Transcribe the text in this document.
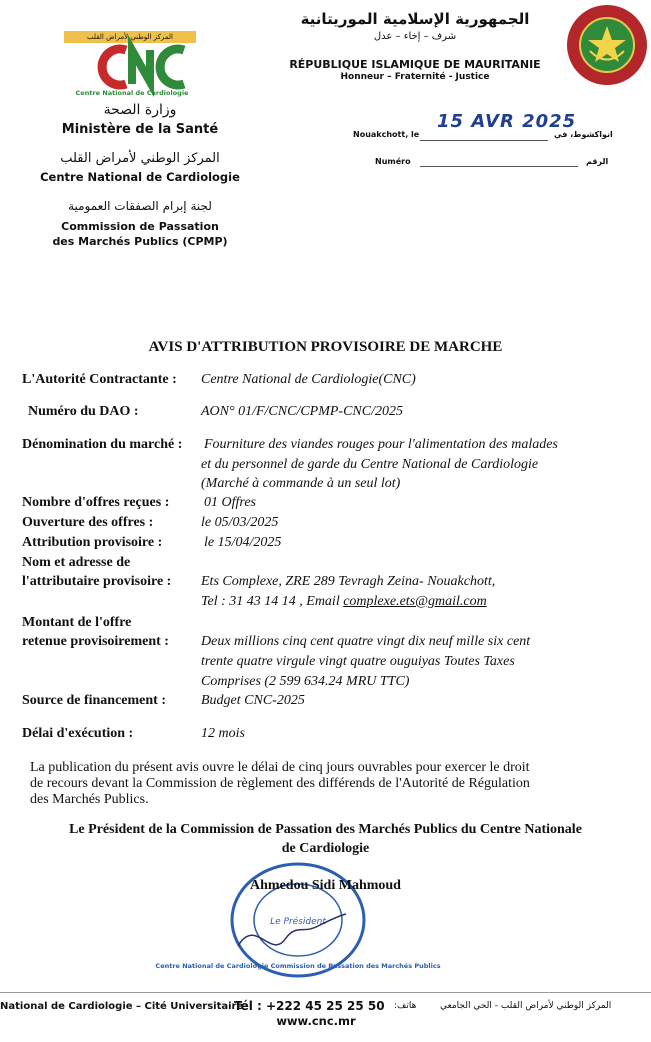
الجمهورية الإسلامية الموريتانية
شرف – إخاء – عدل
RÉPUBLIQUE ISLAMIQUE DE MAURITANIE
Honneur – Fraternité - Justice
المركز الوطني لأمراض القلب
Centre National de Cardiologie
وزارة الصحة
Ministère de la Santé
المركز الوطني لأمراض القلب
Centre National de Cardiologie
لجنة إبرام الصفقات العمومية
Commission de Passation
des Marchés Publics (CPMP)
Nouakchott, le
15 AVR 2025
انواكشوط، في
Numéro	الرقم
AVIS D'ATTRIBUTION PROVISOIRE DE MARCHE
L'Autorité Contractante : Centre National de Cardiologie(CNC)
Numéro du DAO :	AON° 01/F/CNC/CPMP-CNC/2025
Dénomination du marché : Fourniture des viandes rouges pour l'alimentation des malades
et du personnel de garde du Centre National de Cardiologie
(Marché à commande à un seul lot)
Nombre d'offres reçues : 01 Offres
Ouverture des offres :	le 05/03/2025
Attribution provisoire :	le 15/04/2025
Nom et adresse de
l'attributaire provisoire : Ets Complexe, ZRE 289 Tevragh Zeina- Nouakchott,
Tel : 31 43 14 14 , Email complexe.ets@gmail.com
Montant de l'offre
retenue provisoirement : Deux millions cinq cent quatre vingt dix neuf mille six cent
trente quatre virgule vingt quatre ouguiyas Toutes Taxes
Comprises (2 599 634.24 MRU TTC)
Source de financement :	Budget CNC-2025
Délai d'exécution :	12 mois
La publication du présent avis ouvre le délai de cinq jours ouvrables pour exercer le droit
de recours devant la Commission de règlement des différends de l'Autorité de Régulation
des Marchés Publics.
Le Président de la Commission de Passation des Marchés Publics du Centre Nationale
de Cardiologie
Le Président
Centre National de Cardiologie Commission de Passation des Marchés Publics
Ahmedou Sidi Mahmoud
National de Cardiologie – Cité Universitaire
Tél : +222 45 25 25 50 هاتف:
www.cnc.mr
المركز الوطني لأمراض القلب - الحي الجامعي
